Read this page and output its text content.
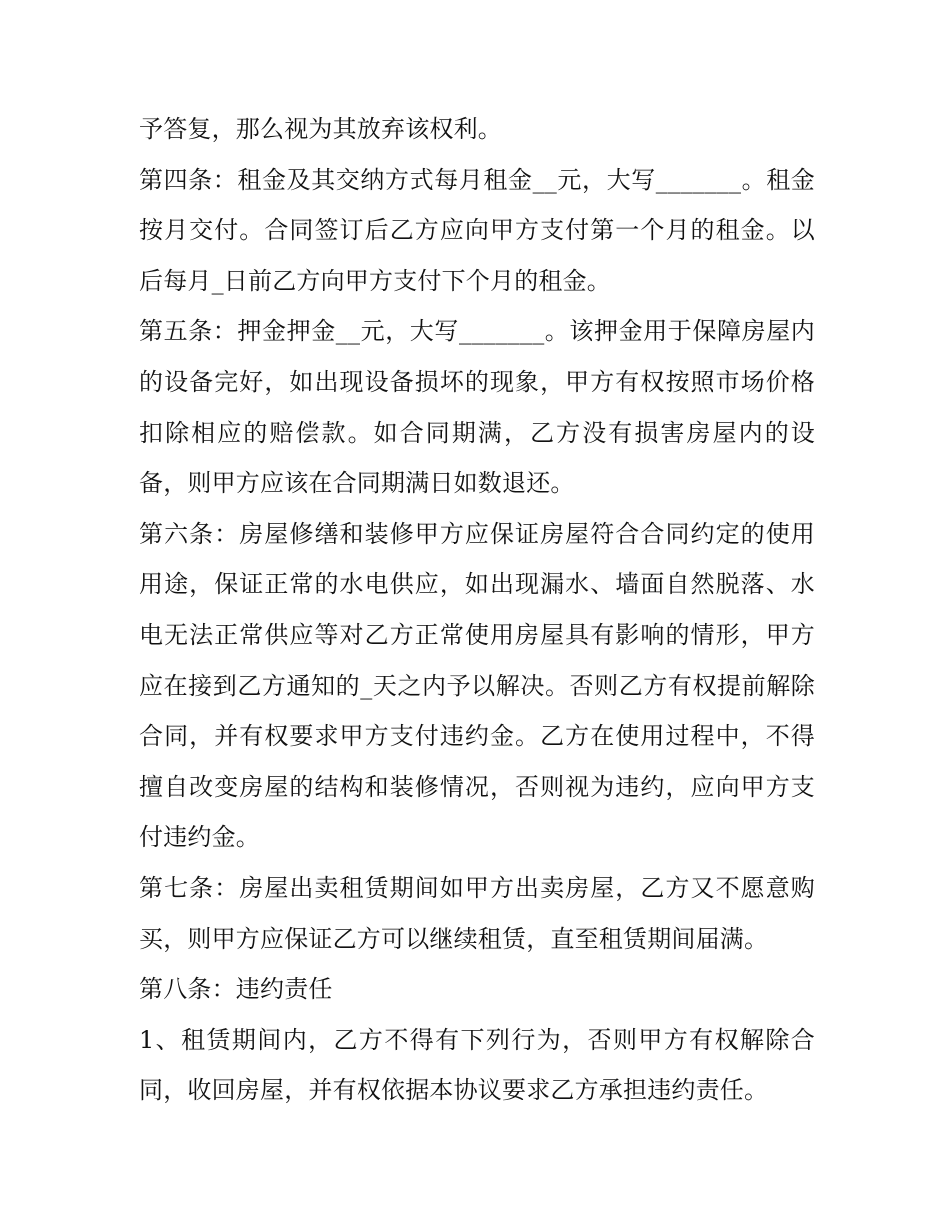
予答复，那么视为其放弃该权利。

第四条：租金及其交纳方式每月租金__元，大写_______。租金按月交付。合同签订后乙方应向甲方支付第一个月的租金。以后每月_日前乙方向甲方支付下个月的租金。

第五条：押金押金__元，大写_______。该押金用于保障房屋内的设备完好，如出现设备损坏的现象，甲方有权按照市场价格扣除相应的赔偿款。如合同期满，乙方没有损害房屋内的设备，则甲方应该在合同期满日如数退还。

第六条：房屋修缮和装修甲方应保证房屋符合合同约定的使用用途，保证正常的水电供应，如出现漏水、墙面自然脱落、水电无法正常供应等对乙方正常使用房屋具有影响的情形，甲方应在接到乙方通知的_天之内予以解决。否则乙方有权提前解除合同，并有权要求甲方支付违约金。乙方在使用过程中，不得擅自改变房屋的结构和装修情况，否则视为违约，应向甲方支付违约金。

第七条：房屋出卖租赁期间如甲方出卖房屋，乙方又不愿意购买，则甲方应保证乙方可以继续租赁，直至租赁期间届满。

第八条：违约责任

1、租赁期间内，乙方不得有下列行为，否则甲方有权解除合同，收回房屋，并有权依据本协议要求乙方承担违约责任。
